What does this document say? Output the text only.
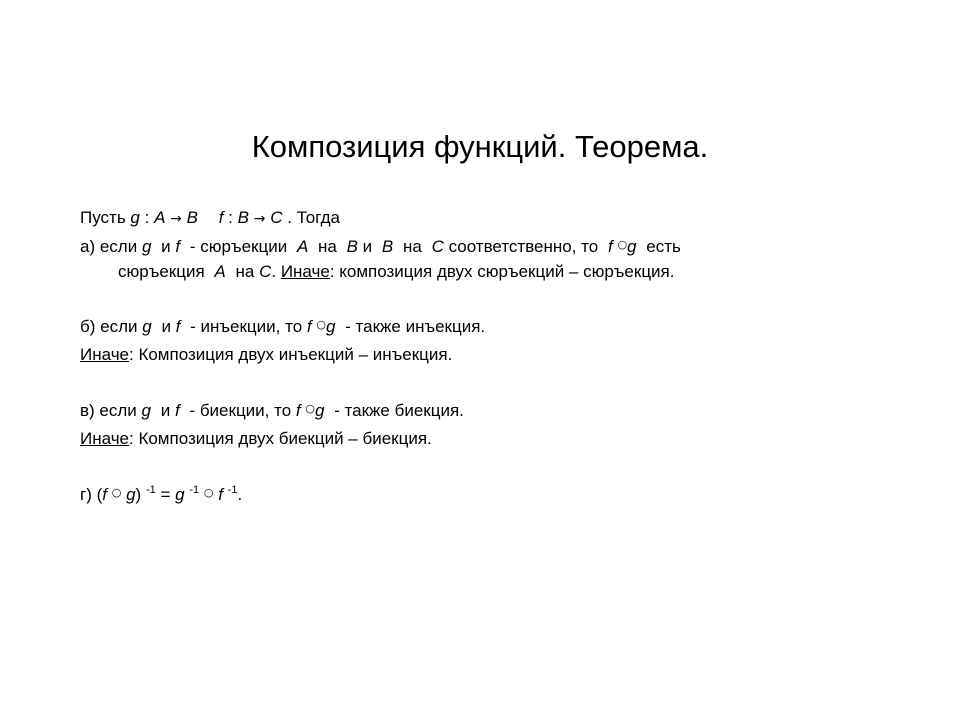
Композиция функций. Теорема.
Пусть g : A → B f : B → C . Тогда
а) если g и f - сюръекции A на B и B на C соответственно, то f ○g есть
сюръекция A на C. Иначе: композиция двух сюръекций – сюръекция.
б) если g и f - инъекции, то f ○g - также инъекция.
Иначе: Композиция двух инъекций – инъекция.
в) если g и f - биекции, то f ○g - также биекция.
Иначе: Композиция двух биекций – биекция.
г) (f ○ g) $^{-1}$ = g $^{-1}$ ○ f $^{-1}$.
